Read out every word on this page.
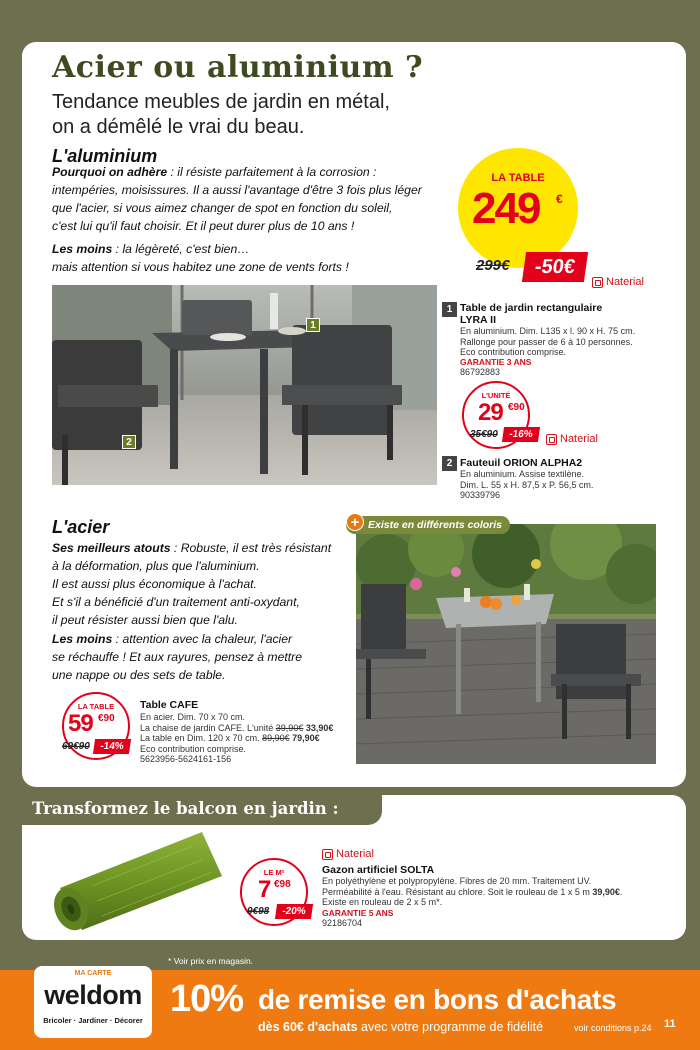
Acier ou aluminium ?
Tendance meubles de jardin en métal,
on a démêlé le vrai du beau.
L'aluminium
Pourquoi on adhère : il résiste parfaitement à la corrosion :
intempéries, moisissures. Il a aussi l'avantage d'être 3 fois plus léger
que l'acier, si vous aimez changer de spot en fonction du soleil,
c'est lui qu'il faut choisir. Et il peut durer plus de 10 ans !
Les moins : la légèreté, c'est bien…
mais attention si vous habitez une zone de vents forts !
LA TABLE
249 €
299€	-50€
Naterial
1
2
1 Table de jardin rectangulaire
LYRA II
En aluminium. Dim. L135 x l. 90 x H. 75 cm.
Rallonge pour passer de 6 à 10 personnes.
Eco contribution comprise.
GARANTIE 3 ANS
86792883
L'UNITÉ
29 €90
35€90	-16%	Naterial
2 Fauteuil ORION ALPHA2
En aluminium. Assise textilène.
Dim. L. 55 x H. 87,5 x P. 56,5 cm.
90339796
L'acier
Ses meilleurs atouts : Robuste, il est très résistant
à la déformation, plus que l'aluminium.
Il est aussi plus économique à l'achat.
Et s'il a bénéficié d'un traitement anti-oxydant,
il peut résister aussi bien que l'alu.
Les moins : attention avec la chaleur, l'acier
se réchauffe ! Et aux rayures, pensez à mettre
une nappe ou des sets de table.
Existe en différents coloris
+
LA TABLE
59 €90
69€90 -14%
Table CAFE
En acier. Dim. 70 x 70 cm.
La chaise de jardin CAFE. L'unité 39,90€ 33,90€
La table en Dim. 120 x 70 cm. 89,90€ 79,90€
Eco contribution comprise.
5623956-5624161-156
Transformez le balcon en jardin :
Naterial
LE M²
7 €98
9€98	-20%
Gazon artificiel SOLTA
En polyéthylène et polypropylène. Fibres de 20 mm. Traitement UV.
Perméabilité à l'eau. Résistant au chlore. Soit le rouleau de 1 x 5 m 39,90€.
Existe en rouleau de 2 x 5 m*.
GARANTIE 5 ANS
92186704
* Voir prix en magasin.
MA CARTE
weldom
Bricoler · Jardiner · Décorer
10% de remise en bons d'achats
dès 60€ d'achats avec votre programme de fidélité	voir conditions p.24 11
